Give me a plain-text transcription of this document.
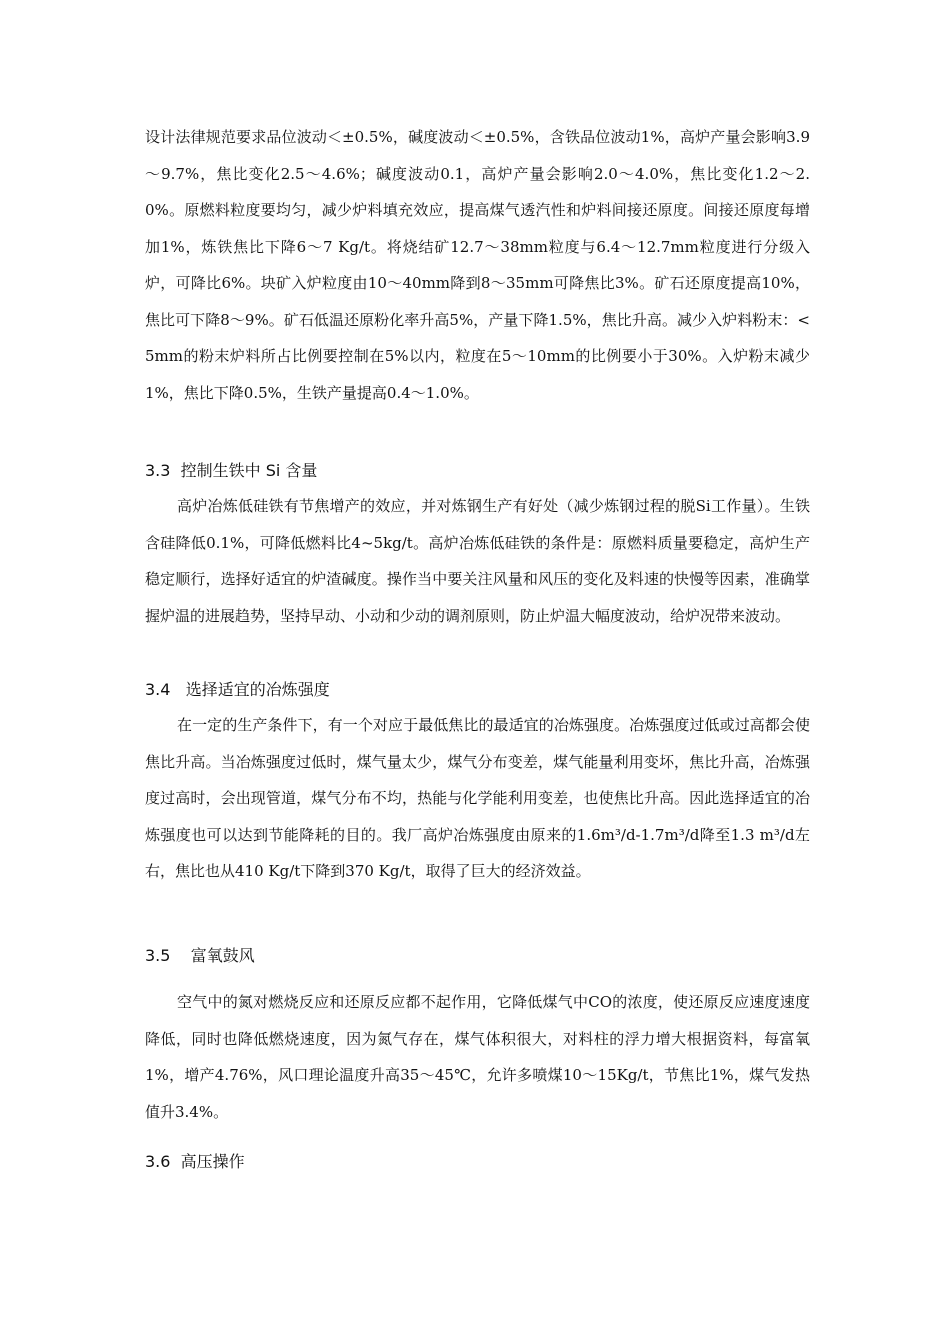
设计法律规范要求品位波动＜±0.5%，碱度波动＜±0.5%，含铁品位波动1%，高炉产量会影响3.9～9.7%，焦比变化2.5～4.6%；碱度波动0.1，高炉产量会影响2.0～4.0%，焦比变化1.2～2.0%。原燃料粒度要均匀，减少炉料填充效应，提高煤气透汽性和炉料间接还原度。间接还原度每增加1%，炼铁焦比下降6～7 Kg/t。将烧结矿12.7～38mm粒度与6.4～12.7mm粒度进行分级入炉，可降比6%。块矿入炉粒度由10～40mm降到8～35mm可降焦比3%。矿石还原度提高10%，焦比可下降8～9%。矿石低温还原粉化率升高5%，产量下降1.5%，焦比升高。减少入炉料粉末：<5mm的粉末炉料所占比例要控制在5%以内，粒度在5～10mm的比例要小于30%。入炉粉末减少1%，焦比下降0.5%，生铁产量提高0.4～1.0%。

3.3  控制生铁中 Si 含量

高炉冶炼低硅铁有节焦增产的效应，并对炼钢生产有好处（减少炼钢过程的脱Si工作量）。生铁含硅降低0.1%，可降低燃料比4~5kg/t。高炉冶炼低硅铁的条件是：原燃料质量要稳定，高炉生产稳定顺行，选择好适宜的炉渣碱度。操作当中要关注风量和风压的变化及料速的快慢等因素，准确掌握炉温的进展趋势，坚持早动、小动和少动的调剂原则，防止炉温大幅度波动，给炉况带来波动。

3.4   选择适宜的冶炼强度

在一定的生产条件下，有一个对应于最低焦比的最适宜的冶炼强度。冶炼强度过低或过高都会使焦比升高。当冶炼强度过低时，煤气量太少，煤气分布变差，煤气能量利用变坏，焦比升高，冶炼强度过高时，会出现管道，煤气分布不均，热能与化学能利用变差，也使焦比升高。因此选择适宜的冶炼强度也可以达到节能降耗的目的。我厂高炉冶炼强度由原来的1.6m³/d-1.7m³/d降至1.3 m³/d左右，焦比也从410 Kg/t下降到370 Kg/t，取得了巨大的经济效益。

3.5    富氧鼓风

空气中的氮对燃烧反应和还原反应都不起作用，它降低煤气中CO的浓度，使还原反应速度速度降低，同时也降低燃烧速度，因为氮气存在，煤气体积很大，对料柱的浮力增大根据资料，每富氧1%，增产4.76%，风口理论温度升高35～45℃，允许多喷煤10～15Kg/t，节焦比1%，煤气发热值升3.4%。

3.6  高压操作
